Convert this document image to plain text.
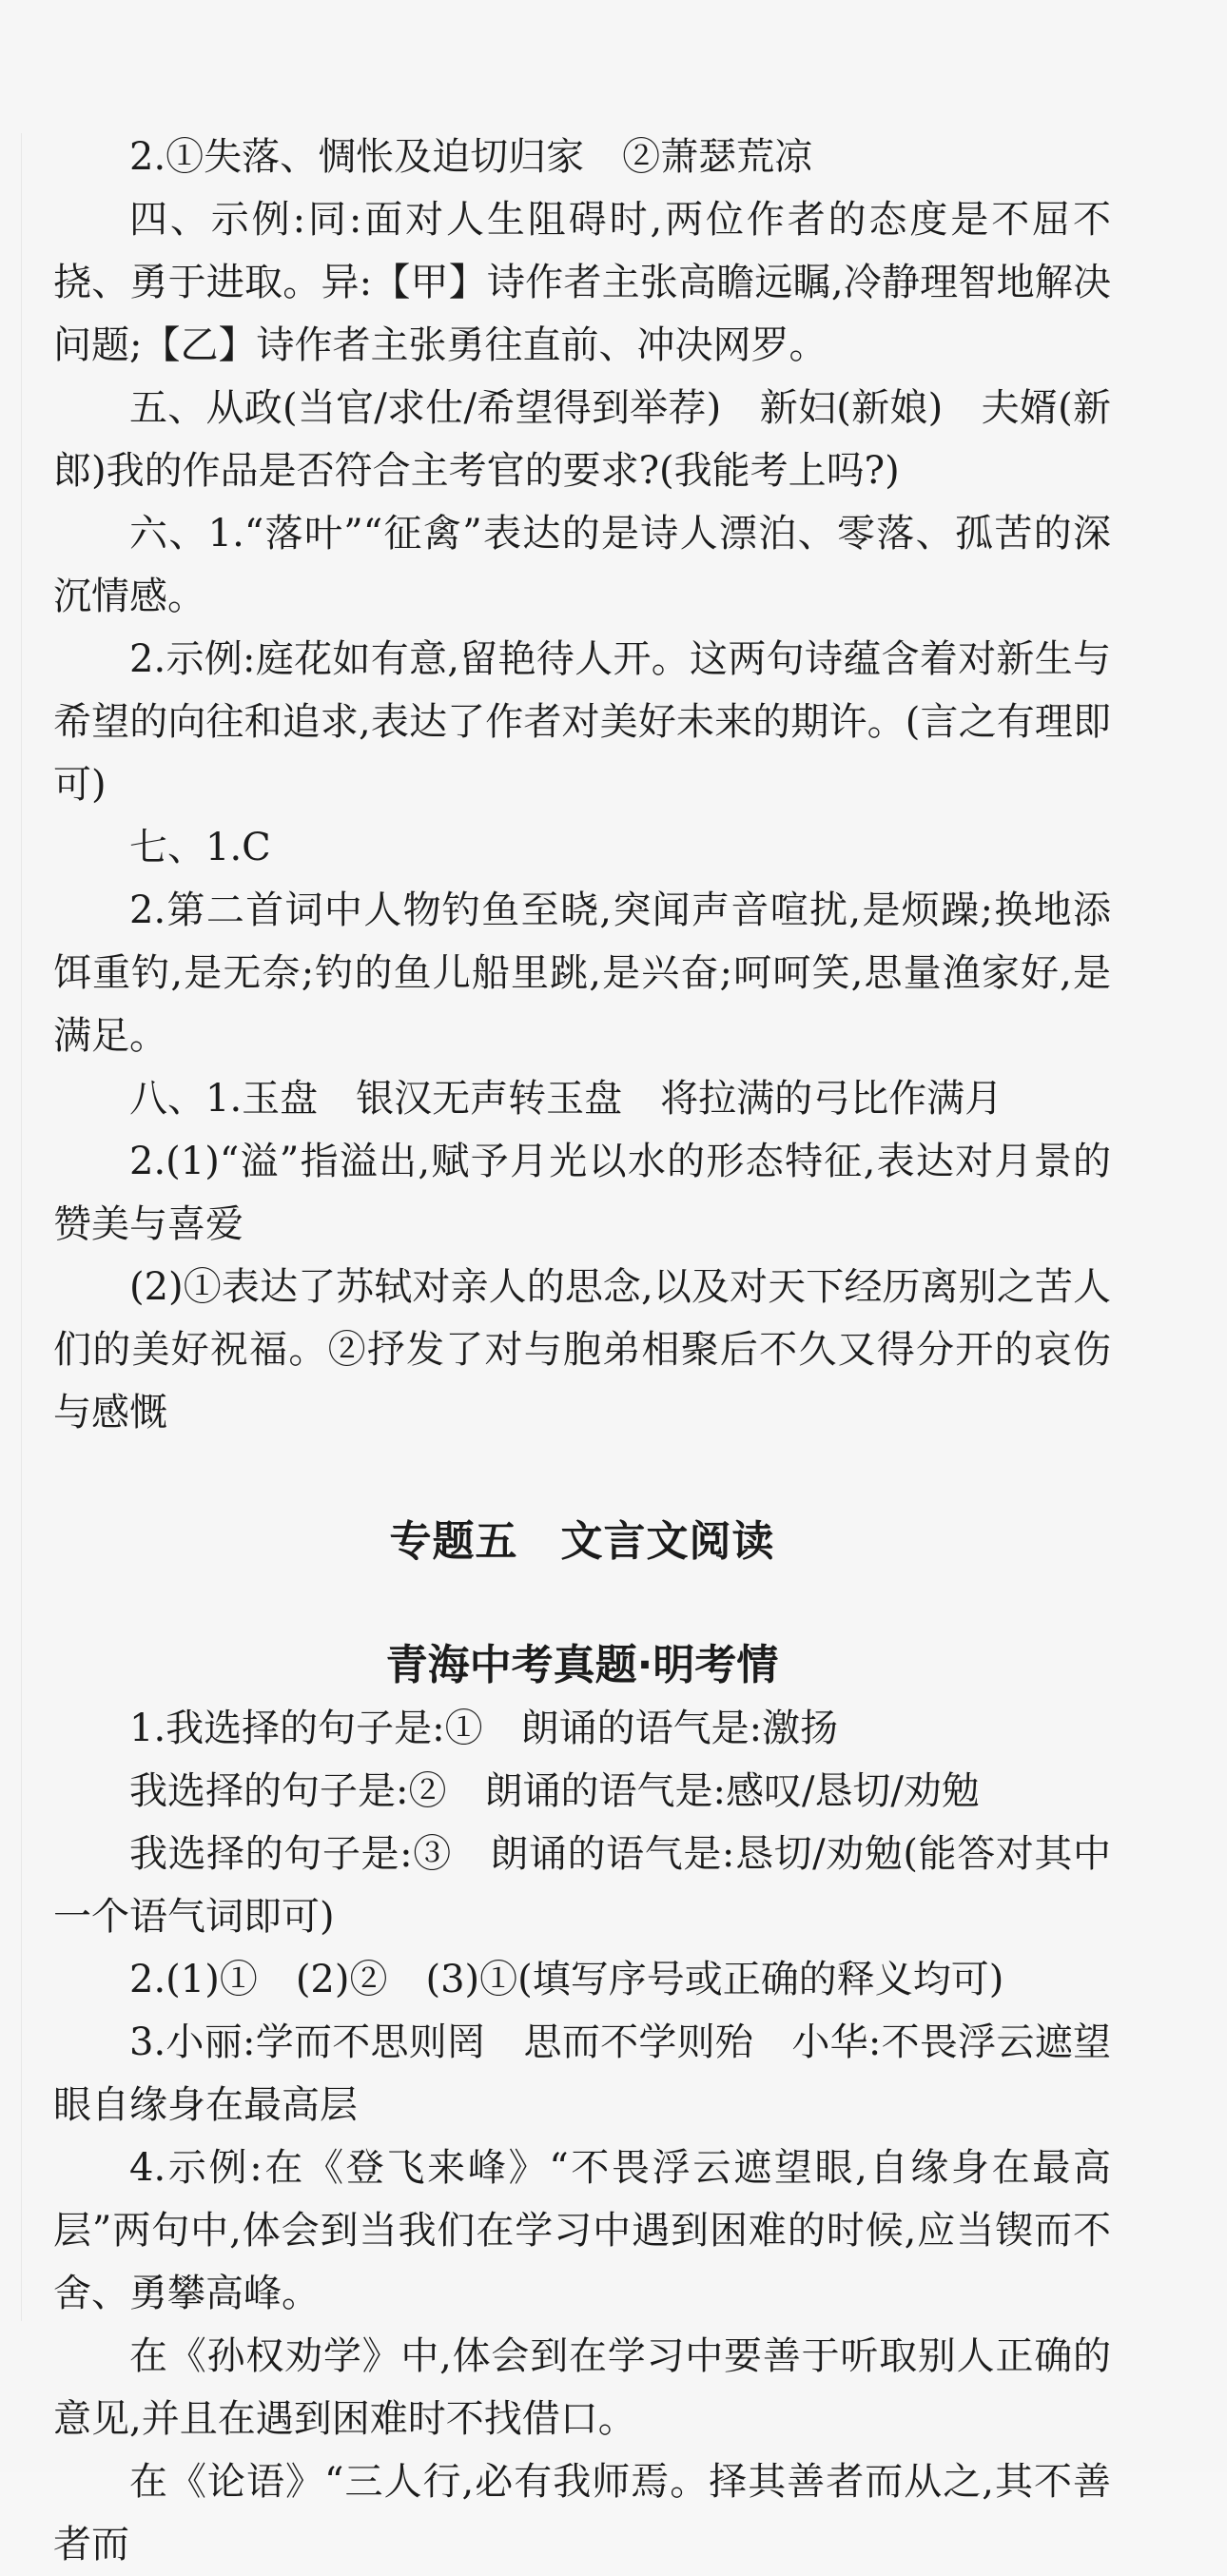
2.①失落、惆怅及迫切归家　②萧瑟荒凉

四、示例:同:面对人生阻碍时,两位作者的态度是不屈不挠、勇于进取。异:【甲】诗作者主张高瞻远瞩,冷静理智地解决问题;【乙】诗作者主张勇往直前、冲决网罗。

五、从政(当官/求仕/希望得到举荐)　新妇(新娘)　夫婿(新郎)我的作品是否符合主考官的要求?(我能考上吗?)

六、1.“落叶”“征禽”表达的是诗人漂泊、零落、孤苦的深沉情感。

2.示例:庭花如有意,留艳待人开。这两句诗蕴含着对新生与希望的向往和追求,表达了作者对美好未来的期许。(言之有理即可)

七、1.C

2.第二首词中人物钓鱼至晓,突闻声音喧扰,是烦躁;换地添饵重钓,是无奈;钓的鱼儿船里跳,是兴奋;呵呵笑,思量渔家好,是满足。

八、1.玉盘　银汉无声转玉盘　将拉满的弓比作满月

2.(1)“溢”指溢出,赋予月光以水的形态特征,表达对月景的赞美与喜爱

(2)①表达了苏轼对亲人的思念,以及对天下经历离别之苦人们的美好祝福。②抒发了对与胞弟相聚后不久又得分开的哀伤与感慨

专题五　文言文阅读
青海中考真题·明考情

1.我选择的句子是:①　朗诵的语气是:激扬

我选择的句子是:②　朗诵的语气是:感叹/恳切/劝勉

我选择的句子是:③　朗诵的语气是:恳切/劝勉(能答对其中一个语气词即可)

2.(1)①　(2)②　(3)①(填写序号或正确的释义均可)

3.小丽:学而不思则罔　思而不学则殆　小华:不畏浮云遮望眼自缘身在最高层

4.示例:在《登飞来峰》“不畏浮云遮望眼,自缘身在最高层”两句中,体会到当我们在学习中遇到困难的时候,应当锲而不舍、勇攀高峰。

在《孙权劝学》中,体会到在学习中要善于听取别人正确的意见,并且在遇到困难时不找借口。

在《论语》“三人行,必有我师焉。择其善者而从之,其不善者而
